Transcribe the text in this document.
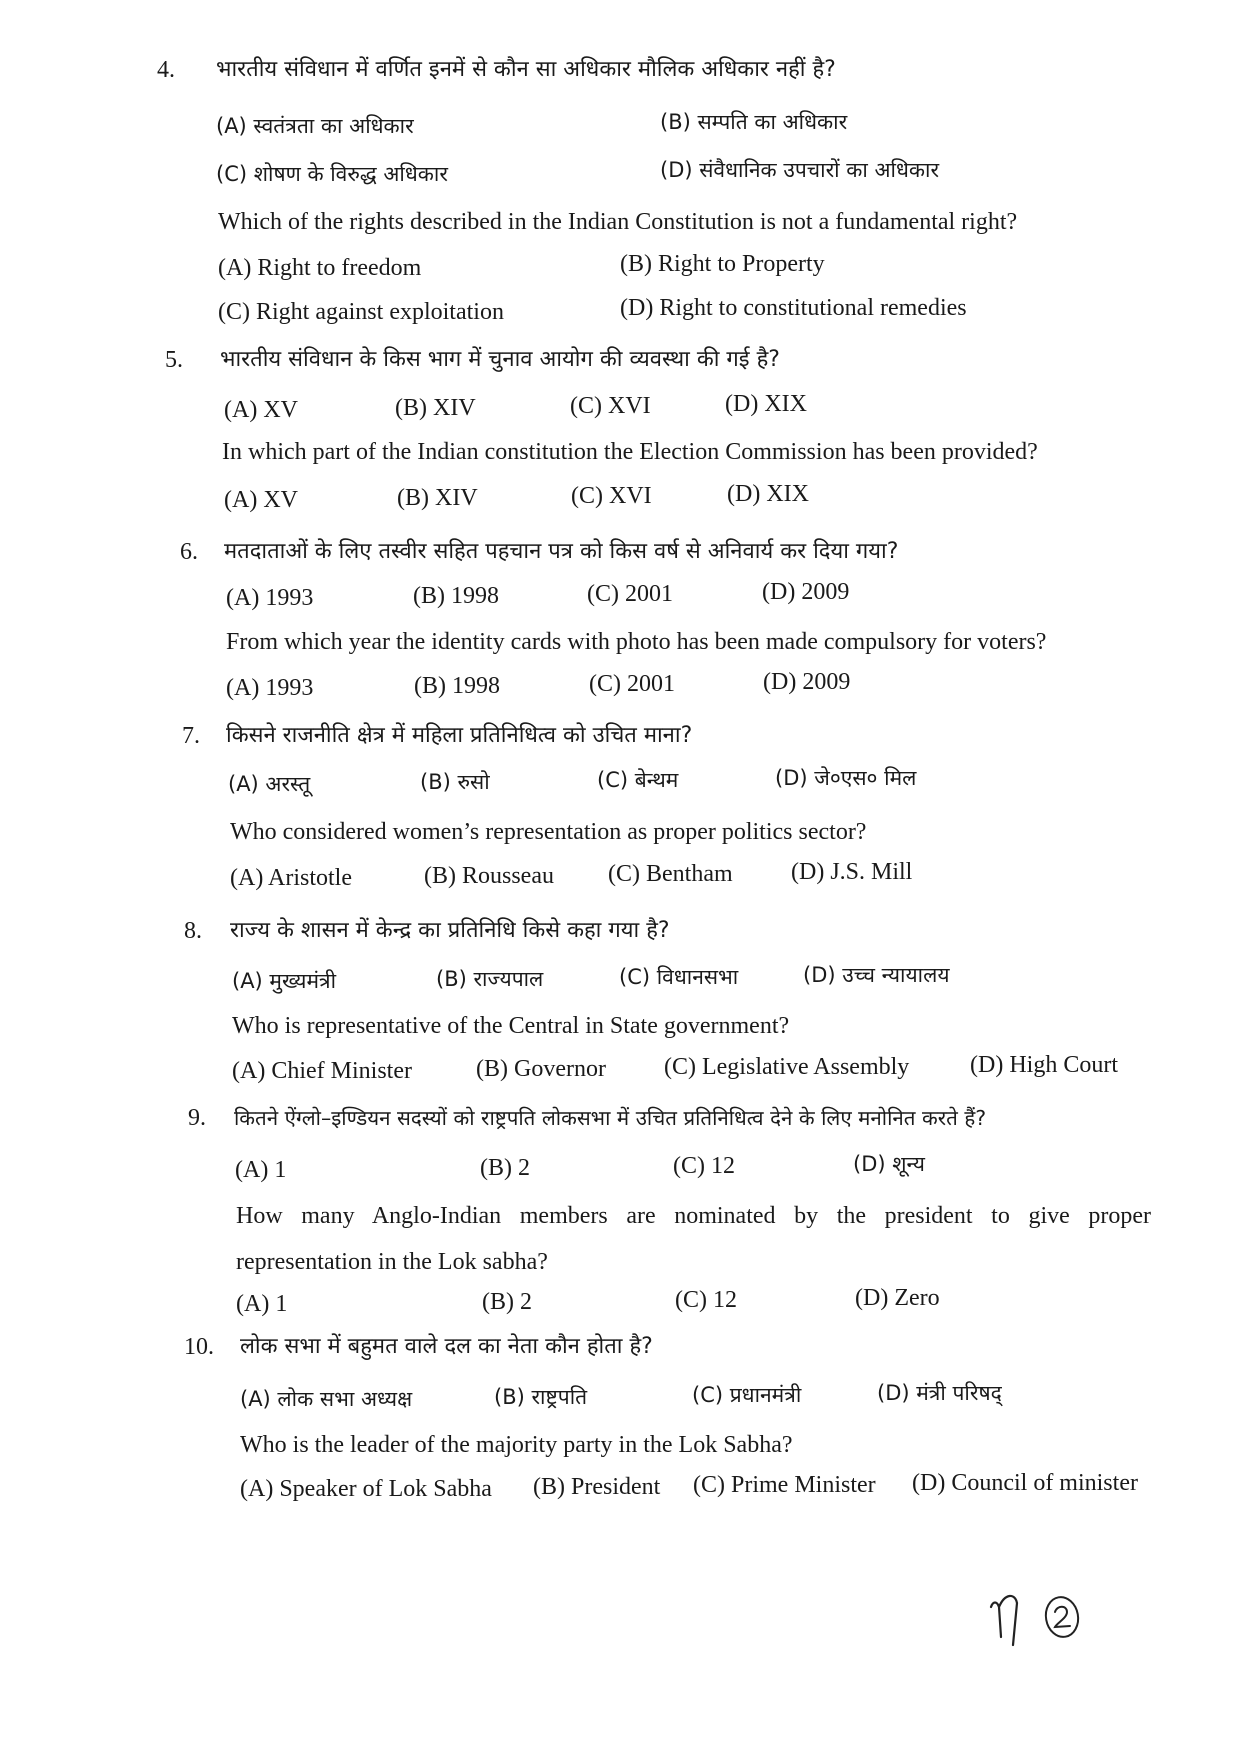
4. भारतीय संविधान में वर्णित इनमें से कौन सा अधिकार मौलिक अधिकार नहीं है?
(A) स्वतंत्रता का अधिकार	(B) सम्पति का अधिकार
(C) शोषण के विरुद्ध अधिकार	(D) संवैधानिक उपचारों का अधिकार
Which of the rights described in the Indian Constitution is not a fundamental right?
(A) Right to freedom	(B) Right to Property
(C) Right against exploitation	(D) Right to constitutional remedies
5. भारतीय संविधान के किस भाग में चुनाव आयोग की व्यवस्था की गई है?
(A) XV	(B) XIV	(C) XVI	(D) XIX
In which part of the Indian constitution the Election Commission has been provided?
(A) XV	(B) XIV	(C) XVI	(D) XIX
6. मतदाताओं के लिए तस्वीर सहित पहचान पत्र को किस वर्ष से अनिवार्य कर दिया गया?
(A) 1993	(B) 1998	(C) 2001	(D) 2009
From which year the identity cards with photo has been made compulsory for voters?
(A) 1993	(B) 1998	(C) 2001	(D) 2009
7. किसने राजनीति क्षेत्र में महिला प्रतिनिधित्व को उचित माना?
(A) अरस्तू	(B) रुसो	(C) बेन्थम	(D) जे०एस० मिल
Who considered women’s representation as proper politics sector?
(A) Aristotle	(B) Rousseau (C) Bentham (D) J.S. Mill
8. राज्य के शासन में केन्द्र का प्रतिनिधि किसे कहा गया है?
(A) मुख्यमंत्री	(B) राज्यपाल	(C) विधानसभा	(D) उच्च न्यायालय
Who is representative of the Central in State government?
(A) Chief Minister	(B) Governor (C) Legislative Assembly	(D) High Court
9. कितने ऐंग्लो–इण्डियन सदस्यों को राष्ट्रपति लोकसभा में उचित प्रतिनिधित्व देने के लिए मनोनित करते हैं?
(A) 1	(B) 2	(C) 12	(D) शून्य
How many Anglo-Indian members are nominated by the president to give proper
representation in the Lok sabha?
(A) 1	(B) 2	(C) 12	(D) Zero
10. लोक सभा में बहुमत वाले दल का नेता कौन होता है?
(A) लोक सभा अध्यक्ष	(B) राष्ट्रपति	(C) प्रधानमंत्री	(D) मंत्री परिषद्
Who is the leader of the majority party in the Lok Sabha?
(A) Speaker of Lok Sabha (B) President (C) Prime Minister (D) Council of minister
